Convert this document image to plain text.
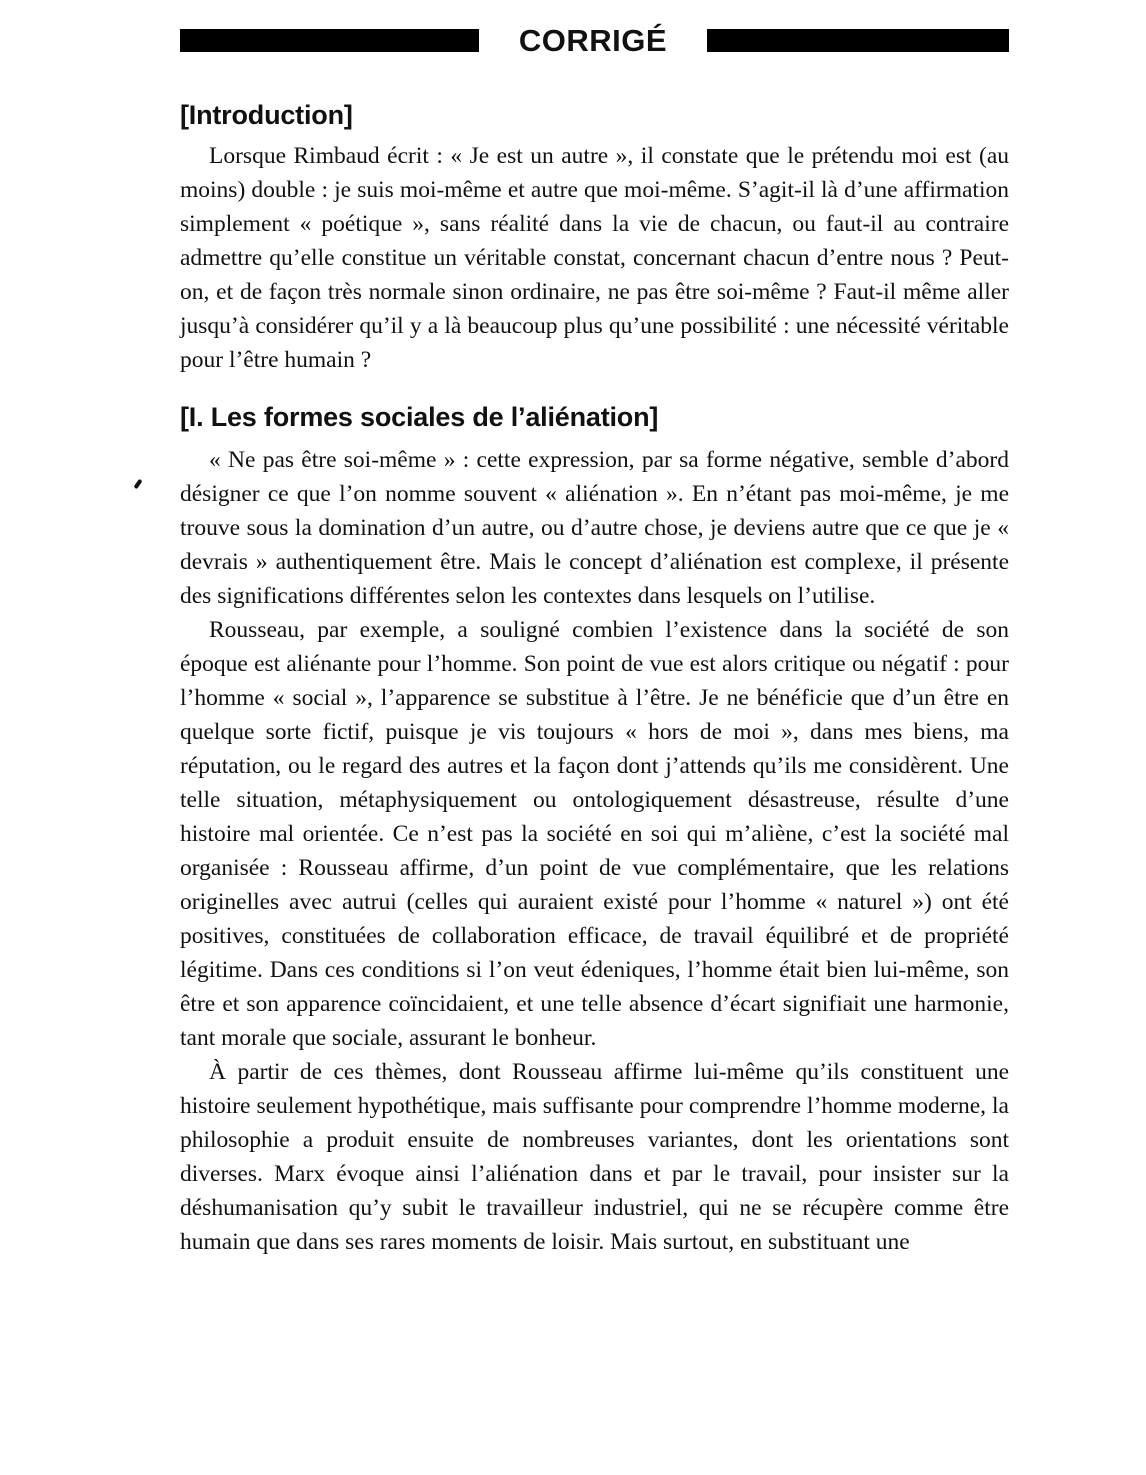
CORRIGÉ
[Introduction]

Lorsque Rimbaud écrit : « Je est un autre », il constate que le prétendu moi est (au moins) double : je suis moi-même et autre que moi-même. S’agit-il là d’une affirmation simplement « poétique », sans réalité dans la vie de chacun, ou faut-il au contraire admettre qu’elle constitue un véritable constat, concernant chacun d’entre nous ? Peut-on, et de façon très normale sinon ordinaire, ne pas être soi-même ? Faut-il même aller jusqu’à considérer qu’il y a là beaucoup plus qu’une possibilité : une nécessité véritable pour l’être humain ?

[I. Les formes sociales de l’aliénation]

« Ne pas être soi-même » : cette expression, par sa forme négative, semble d’abord désigner ce que l’on nomme souvent « aliénation ». En n’étant pas moi-même, je me trouve sous la domination d’un autre, ou d’autre chose, je deviens autre que ce que je « devrais » authentiquement être. Mais le concept d’aliénation est complexe, il présente des significations différentes selon les contextes dans lesquels on l’utilise.

Rousseau, par exemple, a souligné combien l’existence dans la société de son époque est aliénante pour l’homme. Son point de vue est alors critique ou négatif : pour l’homme « social », l’apparence se substitue à l’être. Je ne bénéficie que d’un être en quelque sorte fictif, puisque je vis toujours « hors de moi », dans mes biens, ma réputation, ou le regard des autres et la façon dont j’attends qu’ils me considèrent. Une telle situation, métaphysiquement ou ontologiquement désastreuse, résulte d’une histoire mal orientée. Ce n’est pas la société en soi qui m’aliène, c’est la société mal organisée : Rousseau affirme, d’un point de vue complémentaire, que les relations originelles avec autrui (celles qui auraient existé pour l’homme « naturel ») ont été positives, constituées de collaboration efficace, de travail équilibré et de propriété légitime. Dans ces conditions si l’on veut édeniques, l’homme était bien lui-même, son être et son apparence coïncidaient, et une telle absence d’écart signifiait une harmonie, tant morale que sociale, assurant le bonheur.

À partir de ces thèmes, dont Rousseau affirme lui-même qu’ils constituent une histoire seulement hypothétique, mais suffisante pour comprendre l’homme moderne, la philosophie a produit ensuite de nombreuses variantes, dont les orientations sont diverses. Marx évoque ainsi l’aliénation dans et par le travail, pour insister sur la déshumanisation qu’y subit le travailleur industriel, qui ne se récupère comme être humain que dans ses rares moments de loisir. Mais surtout, en substituant une
